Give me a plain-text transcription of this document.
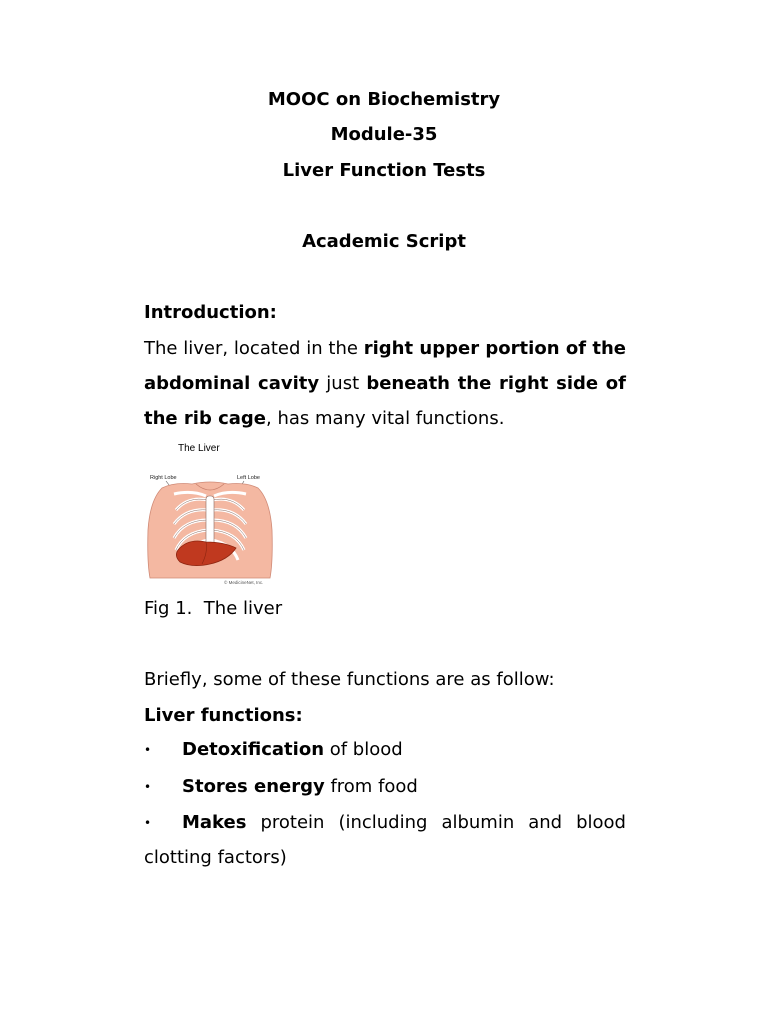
MOOC on Biochemistry
Module-35
Liver Function Tests
Academic Script
Introduction:

The liver, located in the right upper portion of the abdominal cavity just beneath the right side of the rib cage, has many vital functions.

The Liver
Right Lobe	Left Lobe
© MedicineNet, Inc.
Fig 1.  The liver
Briefly, some of these functions are as follow:
Liver functions:
• Detoxification of blood
• Stores energy from food
• Makes protein (including albumin and blood
clotting factors)
